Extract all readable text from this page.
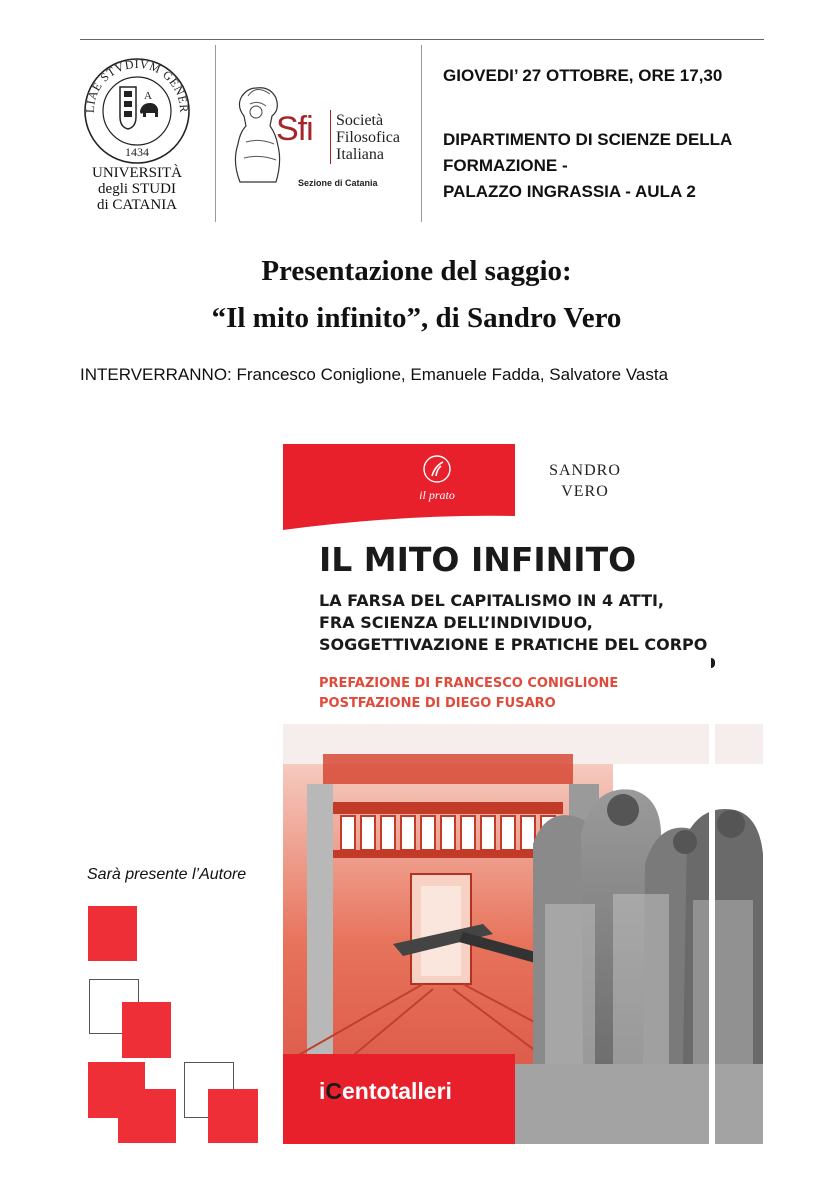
LIAE STVDIVM GENER
A
1434
UNIVERSITÀ
degli STUDI
di CATANIA
Sfi Società
Filosofica
Italiana
Sezione di Catania
GIOVEDI’ 27 OTTOBRE, ORE 17,30
DIPARTIMENTO DI SCIENZE DELLA
FORMAZIONE -
PALAZZO INGRASSIA - AULA 2
Presentazione del saggio:
“Il mito infinito”, di Sandro Vero
INTERVERRANNO: Francesco Coniglione, Emanuele Fadda, Salvatore Vasta
il prato
SANDRO
VERO
IL MITO INFINITO
LA FARSA DEL CAPITALISMO IN 4 ATTI,
FRA SCIENZA DELL’INDIVIDUO,
SOGGETTIVAZIONE E PRATICHE DEL CORPO
PREFAZIONE DI FRANCESCO CONIGLIONE
POSTFAZIONE DI DIEGO FUSARO
iCentotalleri
Sarà presente l’Autore
